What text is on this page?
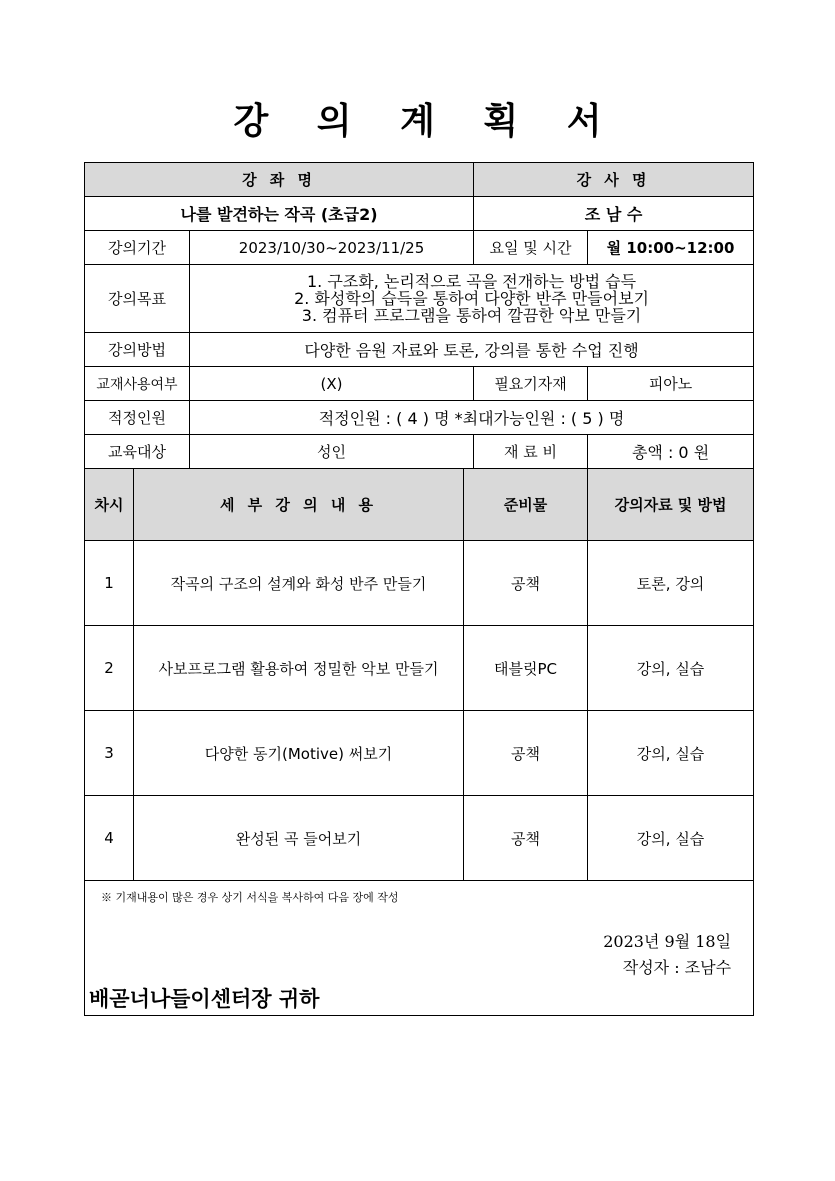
강 의 계 획 서
강 좌 명				강 사 명	
나를 발견하는 작곡 (초급2)				조 남 수	
강의기간		2023/10/30~2023/11/25		요일 및 시간	월 10:00~12:00
강의목표		1. 구조화, 논리적으로 곡을 전개하는 방법 습득
2. 화성학의 습득을 통하여 다양한 반주 만들어보기
3. 컴퓨터 프로그램을 통하여 깔끔한 악보 만들기			

강의방법		다양한 음원 자료와 토론, 강의를 통한 수업 진행			
교재사용여부		(X)		필요기자재	피아노
적정인원		적정인원 : ( 4 ) 명 *최대가능인원 : ( 5 ) 명			
교육대상		성인		재 료 비	총액 : 0 원
차시	세 부 강 의 내 용		준비물		강의자료 및 방법
1	작곡의 구조의 설계와 화성 반주 만들기		공책		토론, 강의
2	사보프로그램 활용하여 정밀한 악보 만들기		태블릿PC		강의, 실습
3	다양한 동기(Motive) 써보기		공책		강의, 실습
4	완성된 곡 들어보기		공책		강의, 실습

※ 기재내용이 많은 경우 상기 서식을 복사하여 다음 장에 작성
2023년 9월 18일
작성자 : 조남수
배곧너나들이센터장 귀하					
